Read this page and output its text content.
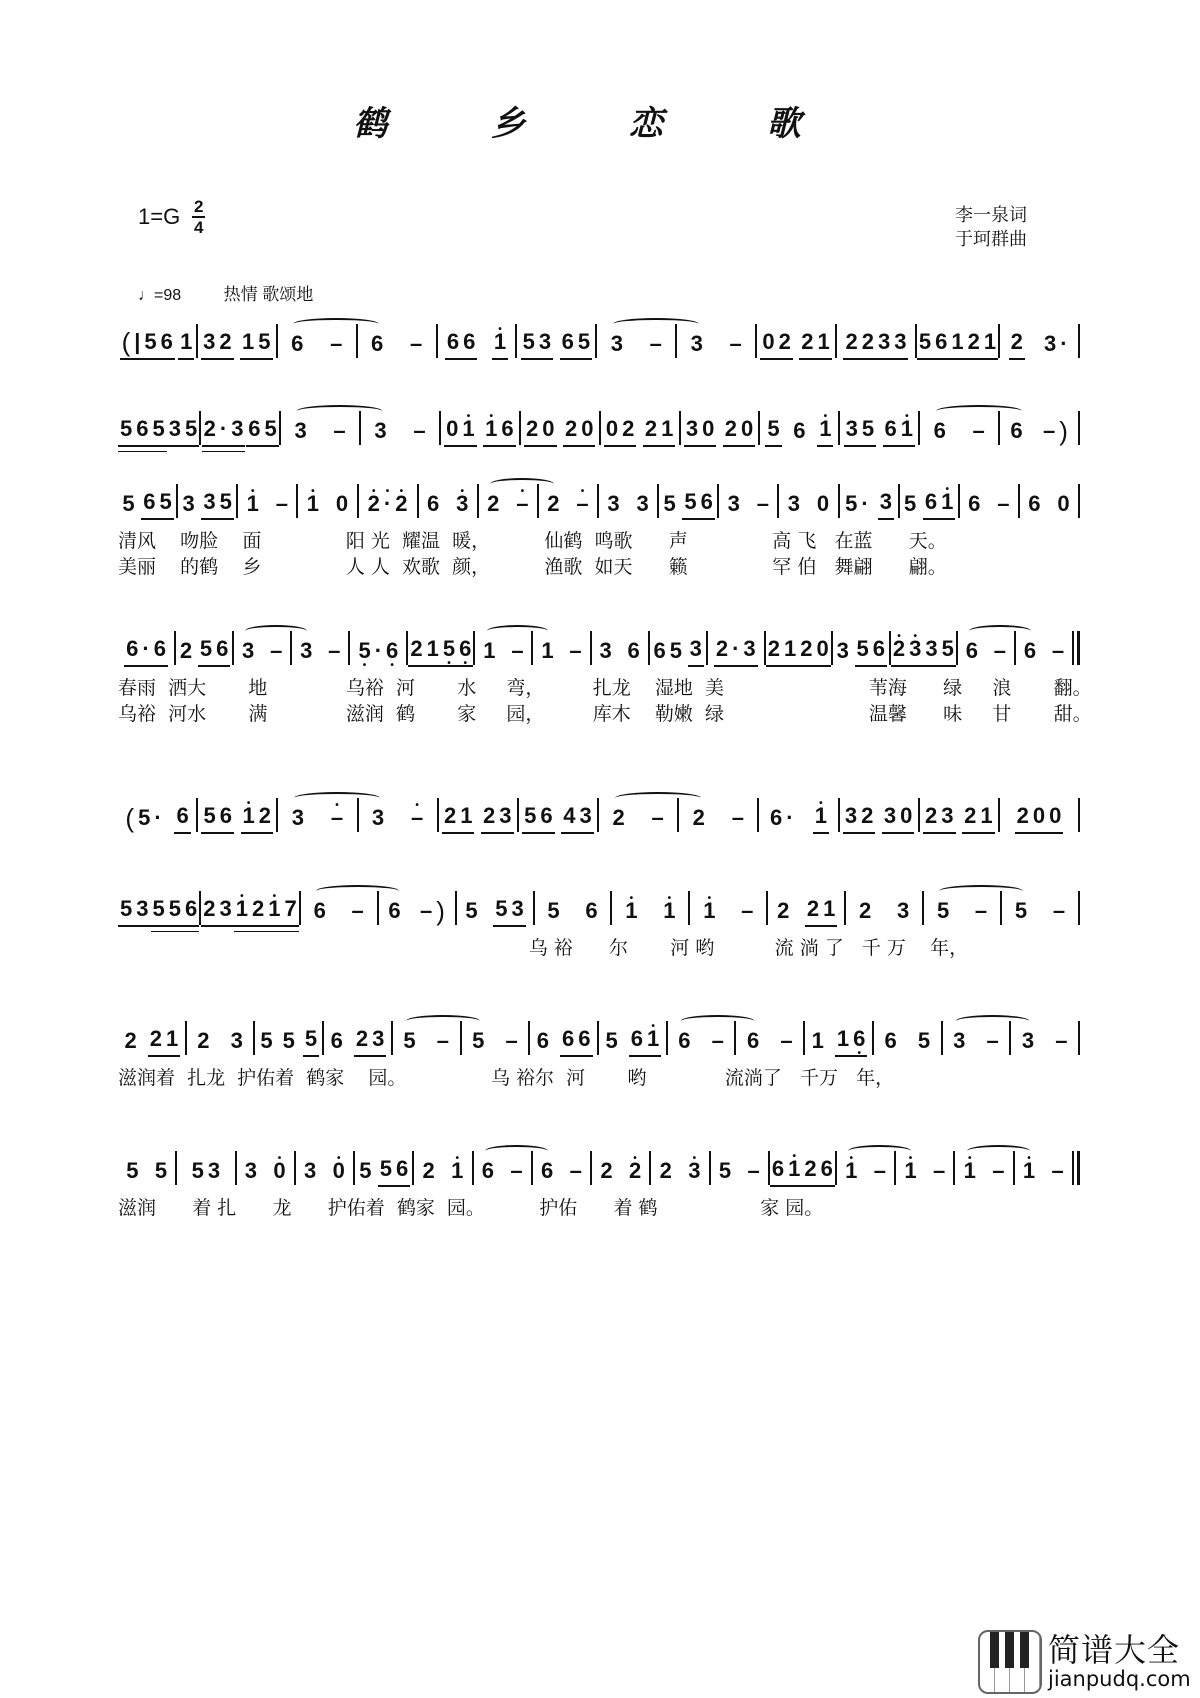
鹤 乡 恋 歌
$1=G \frac{2}{4}$	李一泉词
于珂群曲
♩=98 热情 歌颂地
( | 5 6 1 3 2 1 5 6 – 6 – 6 6 • 1 5 3 6 5 3 – 3 – 0 2 2 1 2 2 3 3 5 6 1 2 1 2 3 ·
5 6 5 3 5 2 · 3 6 5 3 – 3 – 0 • 1 • 1 6 2 0 2 0 0 2 2 1 3 0 2 0 5 6 • 1 3 5 6 • 1 6 – 6 – )
5 6 5 3 3 5 • 1 – • 1 0 • 2 • · • 2 6 • 3 2 • – 2 • – 3 3 5 5 6 3 – 3 0 5 · 3 5 6 • 1 6 – 6 0
清风    吻脸    面              阳 光  耀温  暖，         仙鹤  鸣歌      声              高 飞   在蓝      天。
美丽    的鹤    乡              人 人  欢歌  颜，         渔歌  如天      籁              罕 伯   舞翩      翩。
6 · 6 2 5 6 3 – 3 – 5 • · 6 • 2 1 5 • 6 • 1 – 1 – 3 6 6 5 3 2 · 3 2 1 2 0 3 5 6 • 2 • 3 3 5 6 – 6 –
春雨  洒大       地             乌裕  河       水     弯，        扎龙    湿地  美                        苇海      绿     浪       翻。
乌裕  河水       满             滋润  鹤       家     园，        库木    勒嫩  绿                        温馨      味     甘       甜。
( 5 · 6 5 6 • 1 2 3 • – 3 • – 2 1 2 3 5 6 4 3 2 – 2 – 6 · • 1 3 2 3 0 2 3 2 1 2 0 0
5 3 5 5 6 2 3 • 1 2 • 1 7 6 – 6 – ) 5 5 3 5 6 • 1 • 1 • 1 – 2 2 1 2 3 5 – 5 –
乌 裕      尔       河 哟          流 淌 了   千 万    年，
2 2 1 2 3 5 5 5 6 2 3 5 – 5 – 6 6 6 5 6 • 1 6 – 6 – 1 1 6 • 6 5 3 – 3 –
滋润着  扎龙  护佑着  鹤家    园。              乌 裕尔  河       哟             流淌了   千万   年，
5 5 5 3 3 • 0 3 • 0 5 5 6 2 • 1 6 – 6 – 2 • 2 2 • 3 5 – 6 • 1 2 6 • 1 – • 1 – • 1 – • 1 –
滋润      着 扎      龙      护佑着  鹤家  园。         护佑      着 鹤                 家 园。
简谱大全
jianpudq.com
